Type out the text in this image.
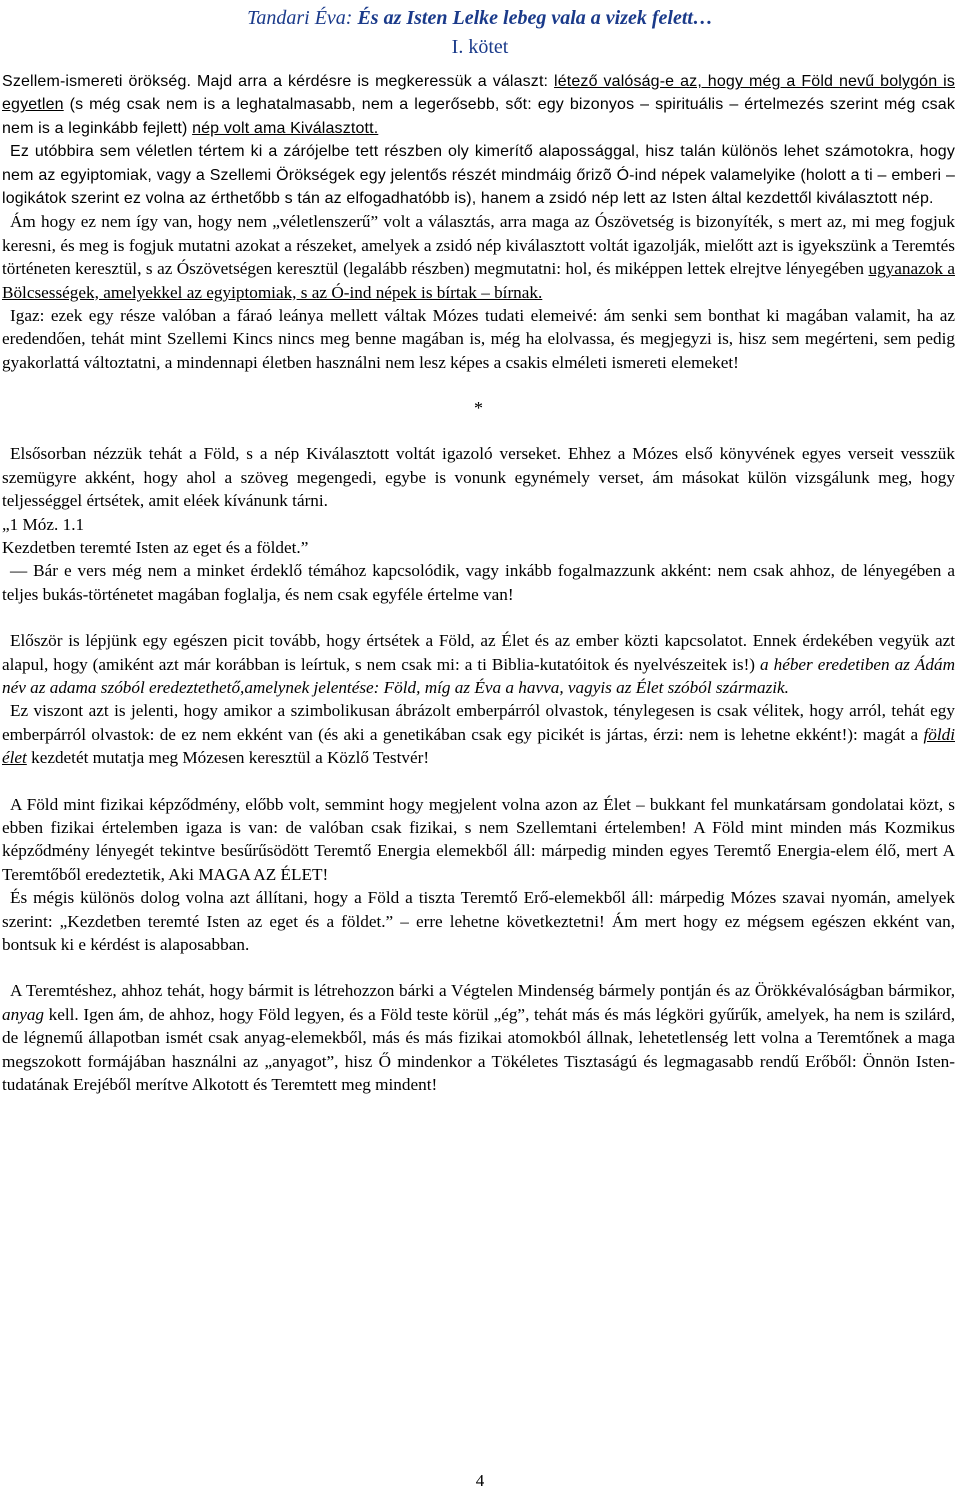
Tandari Éva: És az Isten Lelke lebeg vala a vizek felett…
I. kötet

Szellem-ismereti örökség. Majd arra a kérdésre is megkeressük a választ: létező valóság-e az, hogy még a Föld nevű bolygón is egyetlen (s még csak nem is a leghatalmasabb, nem a legerősebb, sőt: egy bizonyos – spirituális – értelmezés szerint még csak nem is a leginkább fejlett) nép volt ama Kiválasztott.

Ez utóbbira sem véletlen tértem ki a zárójelbe tett részben oly kimerítő alapossággal, hisz talán különös lehet számotokra, hogy nem az egyiptomiak, vagy a Szellemi Örökségek egy jelentős részét mindmáig őrizõ Ó-ind népek valamelyike (holott a ti – emberi – logikátok szerint ez volna az érthetőbb s tán az elfogadhatóbb is), hanem a zsidó nép lett az Isten által kezdettől kiválasztott nép.

Ám hogy ez nem így van, hogy nem „véletlenszerű” volt a választás, arra maga az Ószövetség is bizonyíték, s mert az, mi meg fogjuk keresni, és meg is fogjuk mutatni azokat a részeket, amelyek a zsidó nép kiválasztott voltát igazolják, mielőtt azt is igyekszünk a Teremtés történeten keresztül, s az Ószövetségen keresztül (legalább részben) megmutatni: hol, és miképpen lettek elrejtve lényegében ugyanazok a Bölcsességek, amelyekkel az egyiptomiak, s az Ó-ind népek is bírtak – bírnak.

Igaz: ezek egy része valóban a fáraó leánya mellett váltak Mózes tudati elemeivé: ám senki sem bonthat ki magában valamit, ha az eredendően, tehát mint Szellemi Kincs nincs meg benne magában is, még ha elolvassa, és megjegyzi is, hisz sem megérteni, sem pedig gyakorlattá változtatni, a mindennapi életben használni nem lesz képes a csakis elméleti ismereti elemeket!

*

Elsősorban nézzük tehát a Föld, s a nép Kiválasztott voltát igazoló verseket. Ehhez a Mózes első könyvének egyes verseit vesszük szemügyre akként, hogy ahol a szöveg megengedi, egybe is vonunk egynémely verset, ám másokat külön vizsgálunk meg, hogy teljességgel értsétek, amit eléek kívánunk tárni.

„1 Móz. 1.1

Kezdetben teremté Isten az eget és a földet.”

— Bár e vers még nem a minket érdeklő témához kapcsolódik, vagy inkább fogalmazzunk akként: nem csak ahhoz, de lényegében a teljes bukás-történetet magában foglalja, és nem csak egyféle értelme van!

Először is lépjünk egy egészen picit tovább, hogy értsétek a Föld, az Élet és az ember közti kapcsolatot. Ennek érdekében vegyük azt alapul, hogy (amiként azt már korábban is leírtuk, s nem csak mi: a ti Biblia-kutatóitok és nyelvészeitek is!) a héber eredetiben az Ádám név az adama szóból eredeztethető,amelynek jelentése: Föld, míg az Éva a havva, vagyis az Élet szóból származik.

Ez viszont azt is jelenti, hogy amikor a szimbolikusan ábrázolt emberpárról olvastok, ténylegesen is csak vélitek, hogy arról, tehát egy emberpárról olvastok: de ez nem ekként van (és aki a genetikában csak egy picikét is jártas, érzi: nem is lehetne ekként!): magát a földi élet kezdetét mutatja meg Mózesen keresztül a Közlő Testvér!

A Föld mint fizikai képződmény, előbb volt, semmint hogy megjelent volna azon az Élet – bukkant fel munkatársam gondolatai közt, s ebben fizikai értelemben igaza is van: de valóban csak fizikai, s nem Szellemtani értelemben! A Föld mint minden más Kozmikus képződmény lényegét tekintve besűrűsödött Teremtő Energia elemekből áll: márpedig minden egyes Teremtő Energia-elem élő, mert A Teremtőből eredeztetik, Aki MAGA AZ ÉLET!

És mégis különös dolog volna azt állítani, hogy a Föld a tiszta Teremtő Erő-elemekből áll: márpedig Mózes szavai nyomán, amelyek szerint: „Kezdetben teremté Isten az eget és a földet.” – erre lehetne következtetni! Ám mert hogy ez mégsem egészen ekként van, bontsuk ki e kérdést is alaposabban.

A Teremtéshez, ahhoz tehát, hogy bármit is létrehozzon bárki a Végtelen Mindenség bármely pontján és az Örökkévalóságban bármikor, anyag kell. Igen ám, de ahhoz, hogy Föld legyen, és a Föld teste körül „ég”, tehát más és más légköri gyűrűk, amelyek, ha nem is szilárd, de légnemű állapotban ismét csak anyag-elemekből, más és más fizikai atomokból állnak, lehetetlenség lett volna a Teremtőnek a maga megszokott formájában használni az „anyagot”, hisz Ő mindenkor a Tökéletes Tisztaságú és legmagasabb rendű Erőből: Önnön Isten-tudatának Erejéből merítve Alkotott és Teremtett meg mindent!

4
